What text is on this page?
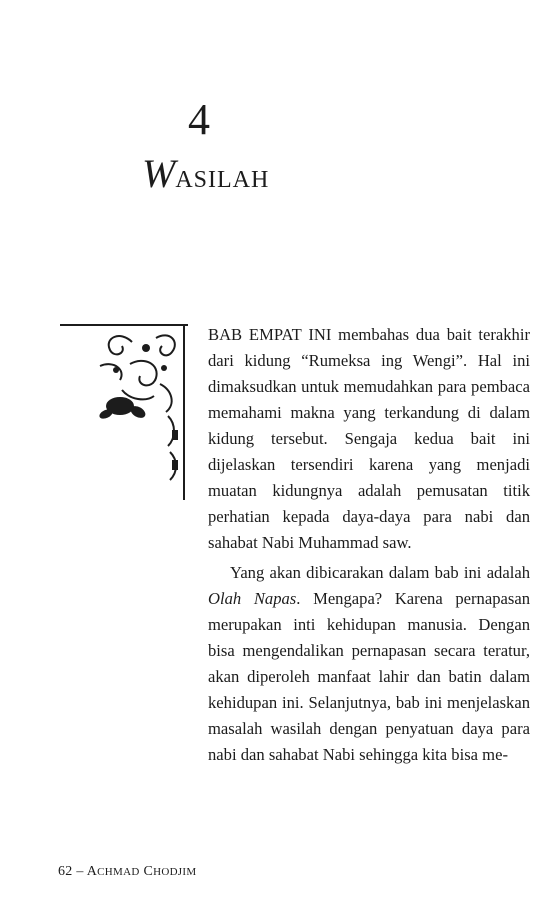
4
WASILAH

BAB EMPAT INI membahas dua bait terakhir dari kidung “Rumeksa ing Wengi”. Hal ini dimaksudkan untuk memudahkan para pembaca memahami makna yang terkandung di dalam kidung tersebut. Sengaja kedua bait ini dijelaskan tersendiri karena yang menjadi muatan kidungnya adalah pemusatan titik perhatian kepada daya-daya para nabi dan sahabat Nabi Muhammad saw.

Yang akan dibicarakan dalam bab ini adalah Olah Napas. Mengapa? Karena pernapasan merupakan inti kehidupan manusia. Dengan bisa mengendalikan pernapasan secara teratur, akan diperoleh manfaat lahir dan batin dalam kehidupan ini. Selanjutnya, bab ini menjelaskan masalah wasilah dengan penyatuan daya para nabi dan sahabat Nabi sehingga kita bisa me-

62 – ACHMAD CHODJIM
